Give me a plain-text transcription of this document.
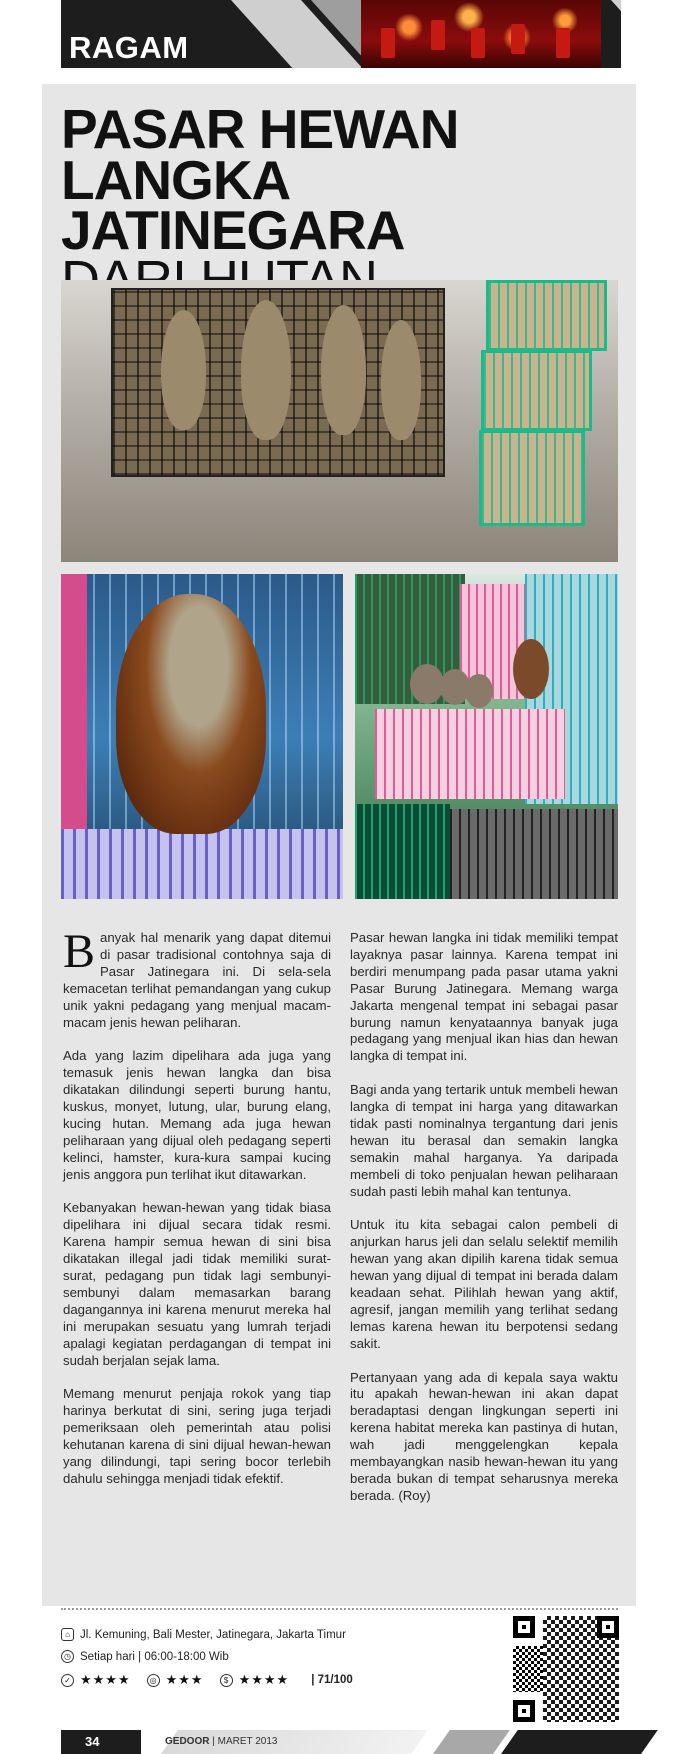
RAGAM
PASAR HEWAN
LANGKA JATINEGARA

Banyak hal menarik yang dapat ditemui di pasar tradisional contohnya saja di Pasar Jatinegara ini. Di sela-sela kemacetan terlihat pemandangan yang cukup unik yakni pedagang yang menjual macam-macam jenis hewan peliharan.

Ada yang lazim dipelihara ada juga yang temasuk jenis hewan langka dan bisa dikatakan dilindungi seperti burung hantu, kuskus, monyet, lutung, ular, burung elang, kucing hutan. Memang ada juga hewan peliharaan yang dijual oleh pedagang seperti kelinci, hamster, kura-kura sampai kucing jenis anggora pun terlihat ikut ditawarkan.

Kebanyakan hewan-hewan yang tidak biasa dipelihara ini dijual secara tidak resmi. Karena hampir semua hewan di sini bisa dikatakan illegal jadi tidak memiliki surat-surat, pedagang pun tidak lagi sembunyi-sembunyi dalam memasarkan barang dagangannya ini karena menurut mereka hal ini merupakan sesuatu yang lumrah terjadi apalagi kegiatan perdagangan di tempat ini sudah berjalan sejak lama.

Memang menurut penjaja rokok yang tiap harinya berkutat di sini, sering juga terjadi pemeriksaan oleh pemerintah atau polisi kehutanan karena di sini dijual hewan-hewan yang dilindungi, tapi sering bocor terlebih dahulu sehingga menjadi tidak efektif.

Pasar hewan langka ini tidak memiliki tempat layaknya pasar lainnya. Karena tempat ini berdiri menumpang pada pasar utama yakni Pasar Burung Jatinegara. Memang warga Jakarta mengenal tempat ini sebagai pasar burung namun kenyataannya banyak juga pedagang yang menjual ikan hias dan hewan langka di tempat ini.

Bagi anda yang tertarik untuk membeli hewan langka di tempat ini harga yang ditawarkan tidak pasti nominalnya tergantung dari jenis hewan itu berasal dan semakin langka semakin mahal harganya. Ya daripada membeli di toko penjualan hewan peliharaan sudah pasti lebih mahal kan tentunya.

Untuk itu kita sebagai calon pembeli di anjurkan harus jeli dan selalu selektif memilih hewan yang akan dipilih karena tidak semua hewan yang dijual di tempat ini berada dalam keadaan sehat. Pilihlah hewan yang aktif, agresif, jangan memilih yang terlihat sedang lemas karena hewan itu berpotensi sedang sakit.

Pertanyaan yang ada di kepala saya waktu itu apakah hewan-hewan ini akan dapat beradaptasi dengan lingkungan seperti ini kerena habitat mereka kan pastinya di hutan, wah jadi menggelengkan kepala membayangkan nasib hewan-hewan itu yang berada bukan di tempat seharusnya mereka berada. (Roy)

⌂ Jl. Kemuning, Bali Mester, Jatinegara, Jakarta Timur
◷ Setiap hari | 06:00-18:00 Wib
✓ ★★★★	◎ ★★★	$ ★★★★ | 71/100
34	GEDOOR | MARET 2013
